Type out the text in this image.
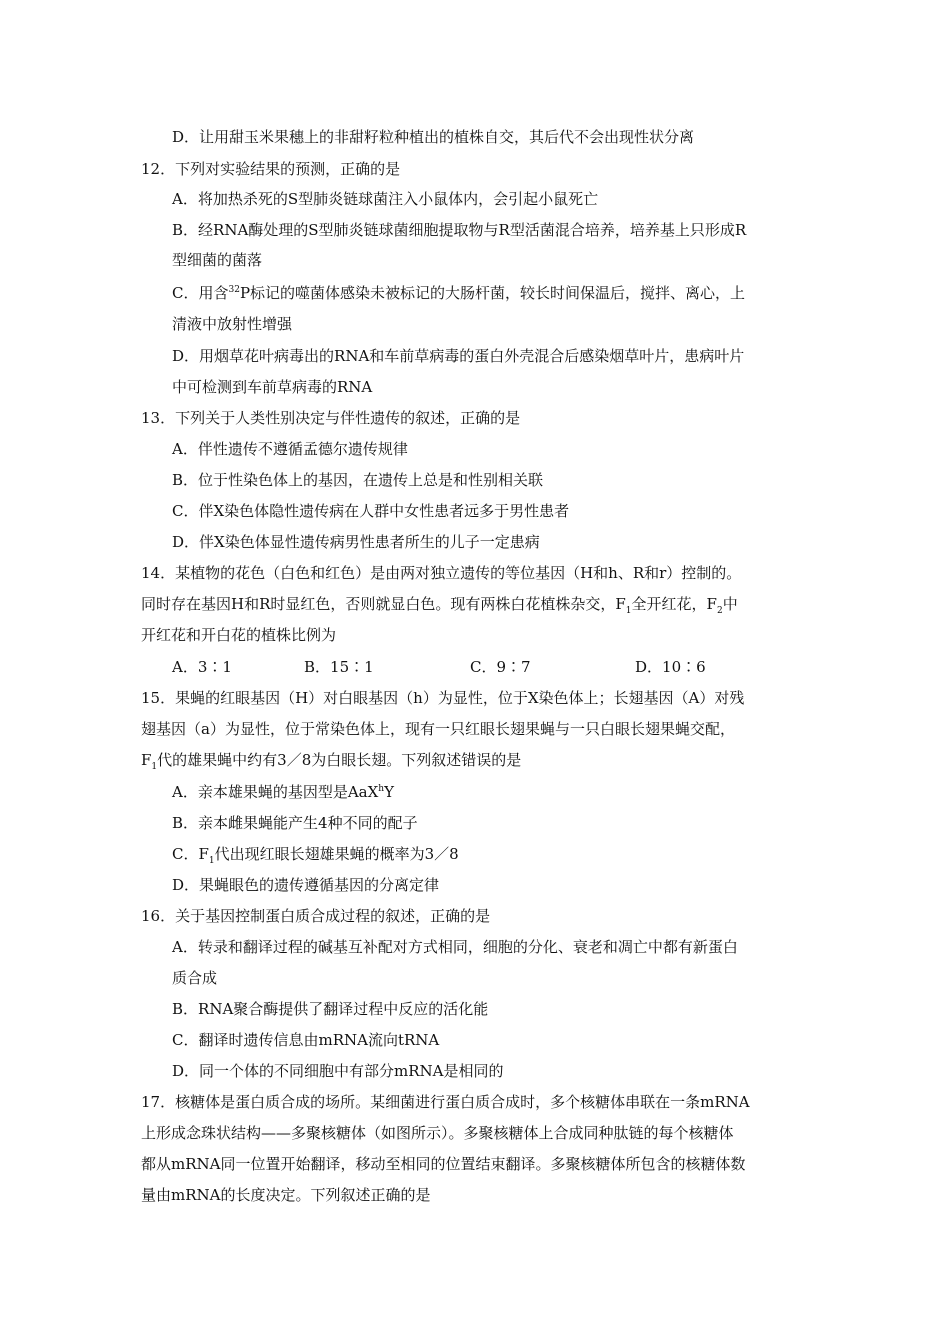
D．让用甜玉米果穗上的非甜籽粒种植出的植株自交，其后代不会出现性状分离
12．下列对实验结果的预测，正确的是
A．将加热杀死的S型肺炎链球菌注入小鼠体内，会引起小鼠死亡
B．经RNA酶处理的S型肺炎链球菌细胞提取物与R型活菌混合培养，培养基上只形成R
型细菌的菌落
C．用含$^{32}$P标记的噬菌体感染未被标记的大肠杆菌，较长时间保温后，搅拌、离心，上
清液中放射性增强
D．用烟草花叶病毒出的RNA和车前草病毒的蛋白外壳混合后感染烟草叶片，患病叶片
中可检测到车前草病毒的RNA
13．下列关于人类性别决定与伴性遗传的叙述，正确的是
A．伴性遗传不遵循孟德尔遗传规律
B．位于性染色体上的基因，在遗传上总是和性别相关联
C．伴X染色体隐性遗传病在人群中女性患者远多于男性患者
D．伴X染色体显性遗传病男性患者所生的儿子一定患病
14．某植物的花色（白色和红色）是由两对独立遗传的等位基因（H和h、R和r）控制的。
同时存在基因H和R时显红色，否则就显白色。现有两株白花植株杂交，$F_1$全开红花，$F_2$中
开红花和开白花的植株比例为
A．3∶1	B．15∶1	C．9∶7	D．10∶6
15．果蝇的红眼基因（H）对白眼基因（h）为显性，位于X染色体上；长翅基因（A）对残
翅基因（a）为显性，位于常染色体上，现有一只红眼长翅果蝇与一只白眼长翅果蝇交配，
$F_1$代的雄果蝇中约有3／8为白眼长翅。下列叙述错误的是
A．亲本雄果蝇的基因型是AaX$^h$Y
B．亲本雌果蝇能产生4种不同的配子
C．$F_1$代出现红眼长翅雄果蝇的概率为3／8
D．果蝇眼色的遗传遵循基因的分离定律
16．关于基因控制蛋白质合成过程的叙述，正确的是
A．转录和翻译过程的碱基互补配对方式相同，细胞的分化、衰老和凋亡中都有新蛋白
质合成
B．RNA聚合酶提供了翻译过程中反应的活化能
C．翻译时遗传信息由mRNA流向tRNA
D．同一个体的不同细胞中有部分mRNA是相同的
17．核糖体是蛋白质合成的场所。某细菌进行蛋白质合成时，多个核糖体串联在一条mRNA
上形成念珠状结构——多聚核糖体（如图所示）。多聚核糖体上合成同种肽链的每个核糖体
都从mRNA同一位置开始翻译，移动至相同的位置结束翻译。多聚核糖体所包含的核糖体数
量由mRNA的长度决定。下列叙述正确的是
